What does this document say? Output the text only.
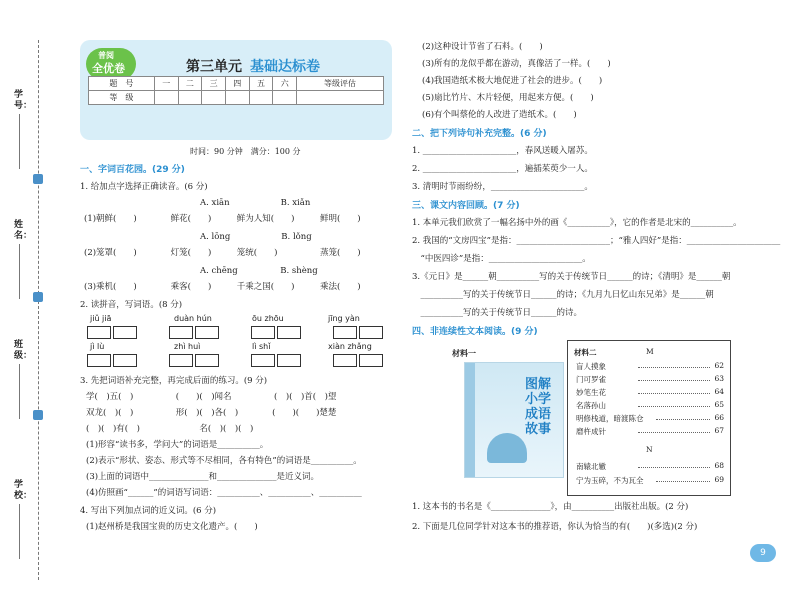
学号：
姓名：
班级：
学校：
普阅
全优卷	第三单元 基础达标卷
题　号	一	二	三	四	五	六	等级评估
等　级							
时间：90 分钟　满分：100 分
一、字词百花园。(29 分)
1. 给加点字选择正确读音。(6 分)
A. xiān　　　　　　B. xiǎn
(1)朝鲜(　　)　　　　鲜花(　　)　　　鲜为人知(　　)　　　鲜明(　　)
A. lōng　　　　　　B. lǒng
(2)笼罩(　　)　　　　灯笼(　　)　　　笼统(　　)　　　　　蒸笼(　　)
A. chēng　　　　　B. shèng
(3)乘机(　　)　　　　乘客(　　)　　　千乘之国(　　)　　　乘法(　　)
2. 读拼音，写词语。(8 分)
jiǔ jiā	duàn hún	ōu zhōu	jīng yàn
jì lù	zhì huì	lì shǐ	xiàn zhǎng
3. 先把词语补充完整，再完成后面的练习。(9 分)
学(　)五(　)　　　　　(　　)(　)闻名　　　　　(　)(　)首(　)望
双龙(　)(　)　　　　　形(　)(　)各(　)　　　　(　　)(　　)楚楚
(　)(　)有(　)　　　　　　　名(　)(　)(　)
(1)形容“读书多，学问大”的词语是__________。
(2)表示“形状、姿态、形式等不尽相同，各有特色”的词语是__________。
(3)上面的词语中______________和______________是近义词。
(4)仿照画“______”的词语写词语：__________、__________、__________
4. 写出下列加点词的近义词。(6 分)
(1)赵州桥是我国宝贵的历史文化遗产。(　　)
(2)这种设计节省了石料。(　　)
(3)所有的龙似乎都在游动，真像活了一样。(　　)
(4)我国造纸术极大地促进了社会的进步。(　　)
(5)扇比竹片、木片轻便，用起来方便。(　　)
(6)有个叫蔡伦的人改进了造纸术。(　　)
二、把下列诗句补充完整。(6 分)
1. ______________________，春风送暖入屠苏。
2. ______________________，遍插茱萸少一人。
3. 清明时节雨纷纷，______________________。
三、课文内容回顾。(7 分)
1. 本单元我们欣赏了一幅名扬中外的画《__________》，它的作者是北宋的__________。
2. 我国的“文房四宝”是指：______________________；“雅人四好”是指：______________________
　“中医四诊”是指：______________________。
3.《元日》是______朝__________写的关于传统节日______的诗；《清明》是______朝
　__________写的关于传统节日______的诗；《九月九日忆山东兄弟》是______朝
　__________写的关于传统节日______的诗。
四、非连续性文本阅读。(9 分)
材料一
图解小学成语故事
材料二	M
盲人摸象	62
门可罗雀	63
妙笔生花	64
名落孙山	65
明修栈道，暗渡陈仓	66
磨杵成针	67
N
南辕北辙	68
宁为玉碎，不为瓦全	69
1. 这本书的书名是《______________》，由__________出版社出版。(2 分)
2. 下面是几位同学针对这本书的推荐语，你认为恰当的有(　　)(多选)(2 分)
9
